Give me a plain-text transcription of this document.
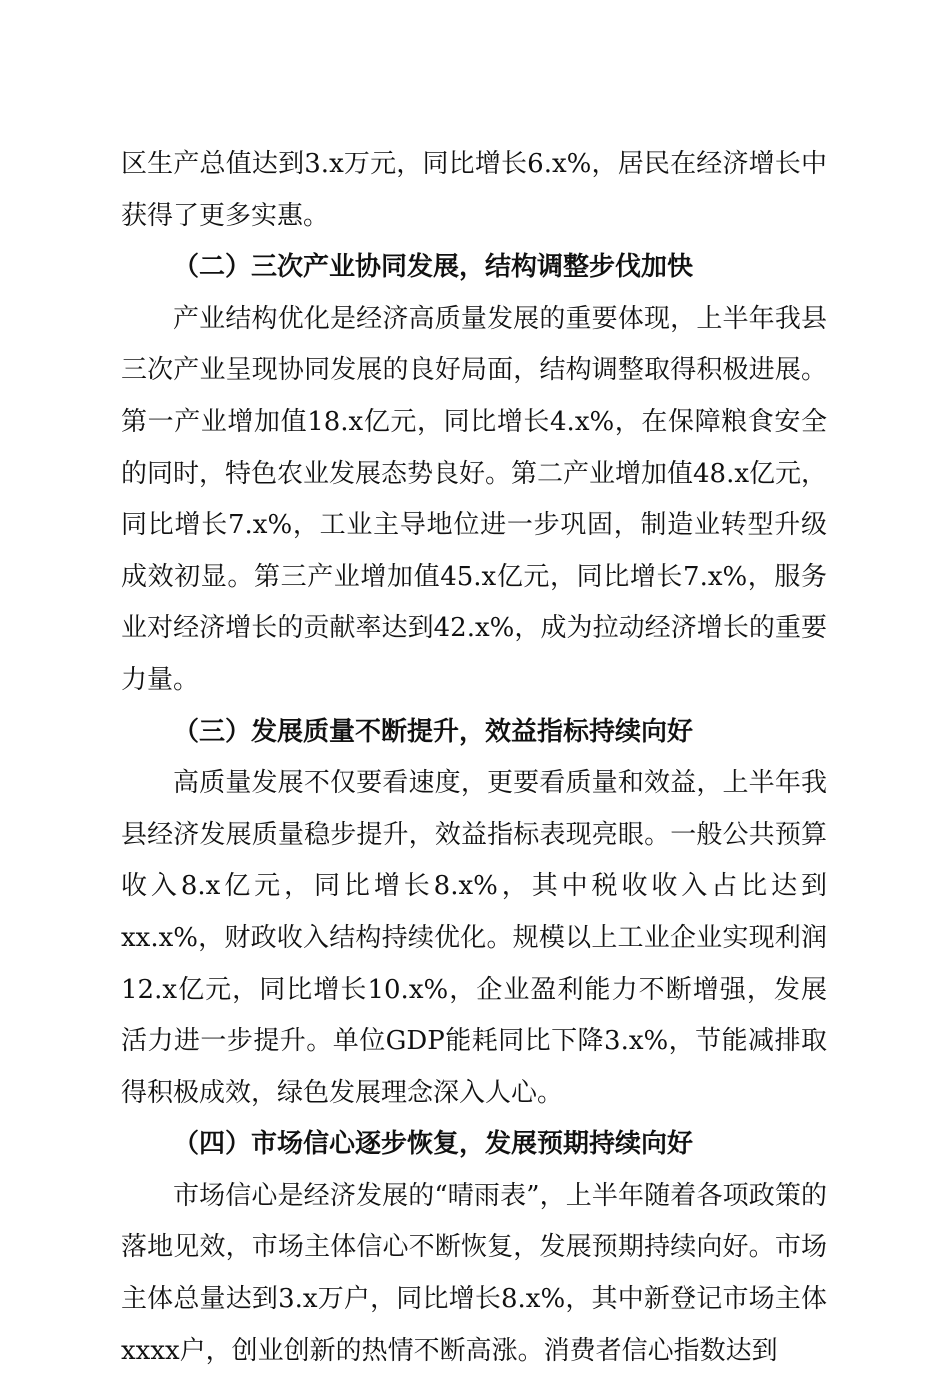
区生产总值达到3.x万元，同比增长6.x%，居民在经济增长中获得了更多实惠。

（二）三次产业协同发展，结构调整步伐加快

产业结构优化是经济高质量发展的重要体现，上半年我县三次产业呈现协同发展的良好局面，结构调整取得积极进展。第一产业增加值18.x亿元，同比增长4.x%，在保障粮食安全的同时，特色农业发展态势良好。第二产业增加值48.x亿元，同比增长7.x%，工业主导地位进一步巩固，制造业转型升级成效初显。第三产业增加值45.x亿元，同比增长7.x%，服务业对经济增长的贡献率达到42.x%，成为拉动经济增长的重要力量。

（三）发展质量不断提升，效益指标持续向好

高质量发展不仅要看速度，更要看质量和效益，上半年我县经济发展质量稳步提升，效益指标表现亮眼。一般公共预算收入8.x亿元，同比增长8.x%，其中税收收入占比达到xx.x%，财政收入结构持续优化。规模以上工业企业实现利润12.x亿元，同比增长10.x%，企业盈利能力不断增强，发展活力进一步提升。单位GDP能耗同比下降3.x%，节能减排取得积极成效，绿色发展理念深入人心。

（四）市场信心逐步恢复，发展预期持续向好

市场信心是经济发展的“晴雨表”，上半年随着各项政策的落地见效，市场主体信心不断恢复，发展预期持续向好。市场主体总量达到3.x万户，同比增长8.x%，其中新登记市场主体xxxx户，创业创新的热情不断高涨。消费者信心指数达到
